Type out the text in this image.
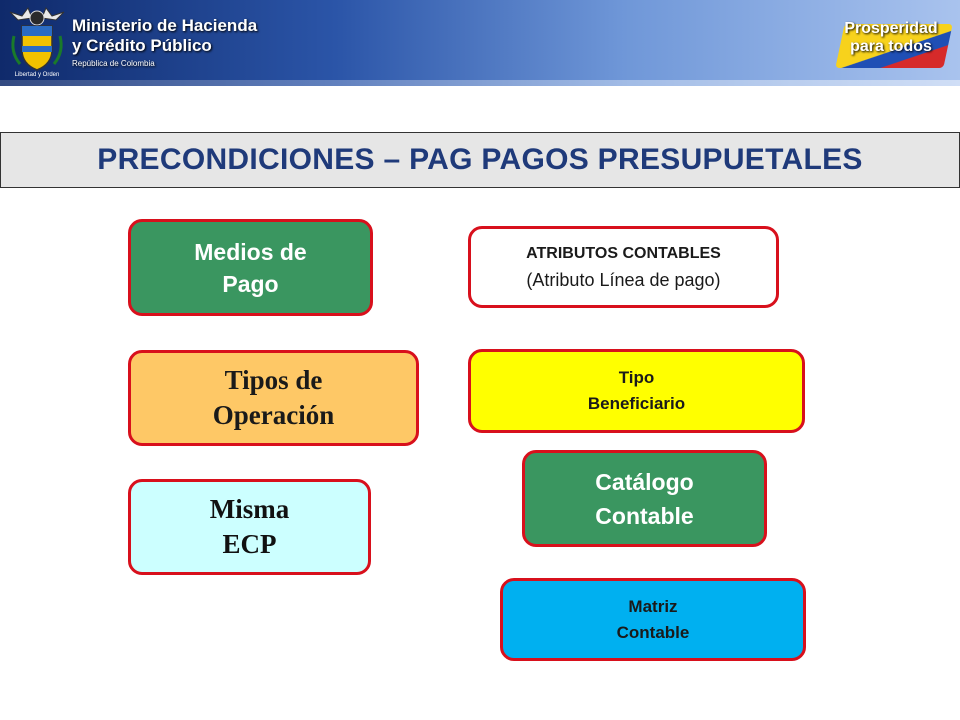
Libertad y Orden
Ministerio de Hacienda
y Crédito Público
República de Colombia
Prosperidad
para todos
PRECONDICIONES – PAG PAGOS PRESUPUETALES
Medios de
Pago
ATRIBUTOS CONTABLES
(Atributo Línea de pago)
Tipos de
Operación
Tipo
Beneficiario
Misma
ECP
Catálogo
Contable
Matriz
Contable
